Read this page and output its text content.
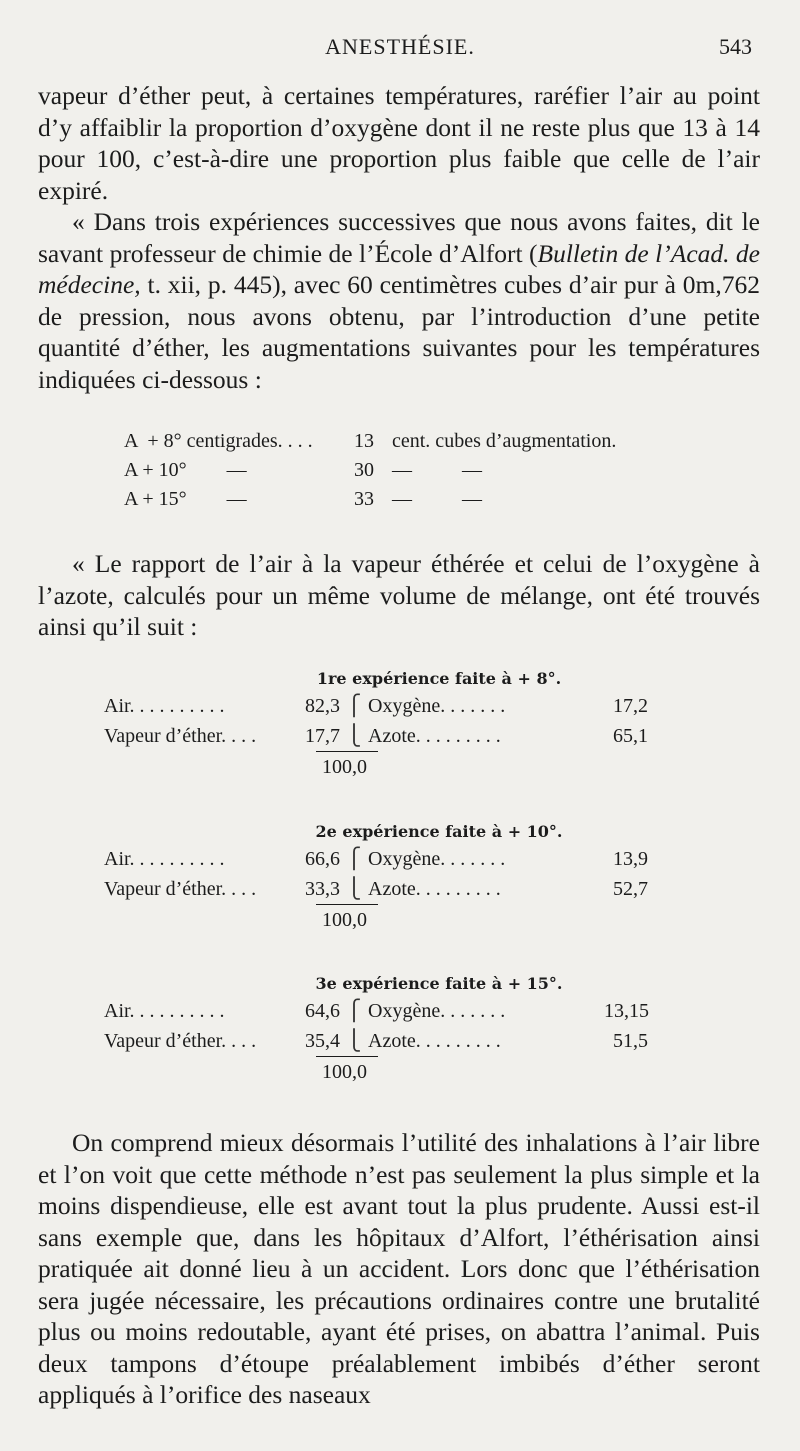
ANESTHÉSIE.	543

vapeur d’éther peut, à certaines températures, raréfier l’air au point d’y affaiblir la proportion d’oxygène dont il ne reste plus que 13 à 14 pour 100, c’est-à-dire une proportion plus faible que celle de l’air expiré.

« Dans trois expériences successives que nous avons faites, dit le savant professeur de chimie de l’École d’Alfort (Bulletin de l’Acad. de médecine, t. xii, p. 445), avec 60 centimètres cubes d’air pur à 0m,762 de pression, nous avons obtenu, par l’introduction d’une petite quantité d’éther, les augmentations suivantes pour les températures indiquées ci-dessous :

A  + 8° centigrades. . . .	13 cent. cubes d’augmentation.
A + 10°        —	30 —          —
A + 15°        —	33 —          —

« Le rapport de l’air à la vapeur éthérée et celui de l’oxygène à l’azote, calculés pour un même volume de mélange, ont été trouvés ainsi qu’il suit :

1re expérience faite à + 8°.
Air. . . . . . . . . .	82,3 ⎧ Oxygène. . . . . . .	17,2
Vapeur d’éther. . . .	17,7 ⎩ Azote. . . . . . . . .	65,1
100,0
2e expérience faite à + 10°.
Air. . . . . . . . . .	66,6 ⎧ Oxygène. . . . . . .	13,9
Vapeur d’éther. . . .	33,3 ⎩ Azote. . . . . . . . .	52,7
100,0
3e expérience faite à + 15°.
Air. . . . . . . . . .	64,6 ⎧ Oxygène. . . . . . .	13,15
Vapeur d’éther. . . .	35,4 ⎩ Azote. . . . . . . . .	51,5
100,0

On comprend mieux désormais l’utilité des inhalations à l’air libre et l’on voit que cette méthode n’est pas seulement la plus simple et la moins dispendieuse, elle est avant tout la plus prudente. Aussi est-il sans exemple que, dans les hôpitaux d’Alfort, l’éthérisation ainsi pratiquée ait donné lieu à un accident. Lors donc que l’éthérisation sera jugée nécessaire, les précautions ordinaires contre une brutalité plus ou moins redoutable, ayant été prises, on abattra l’animal. Puis deux tampons d’étoupe préalablement imbibés d’éther seront appliqués à l’orifice des naseaux
